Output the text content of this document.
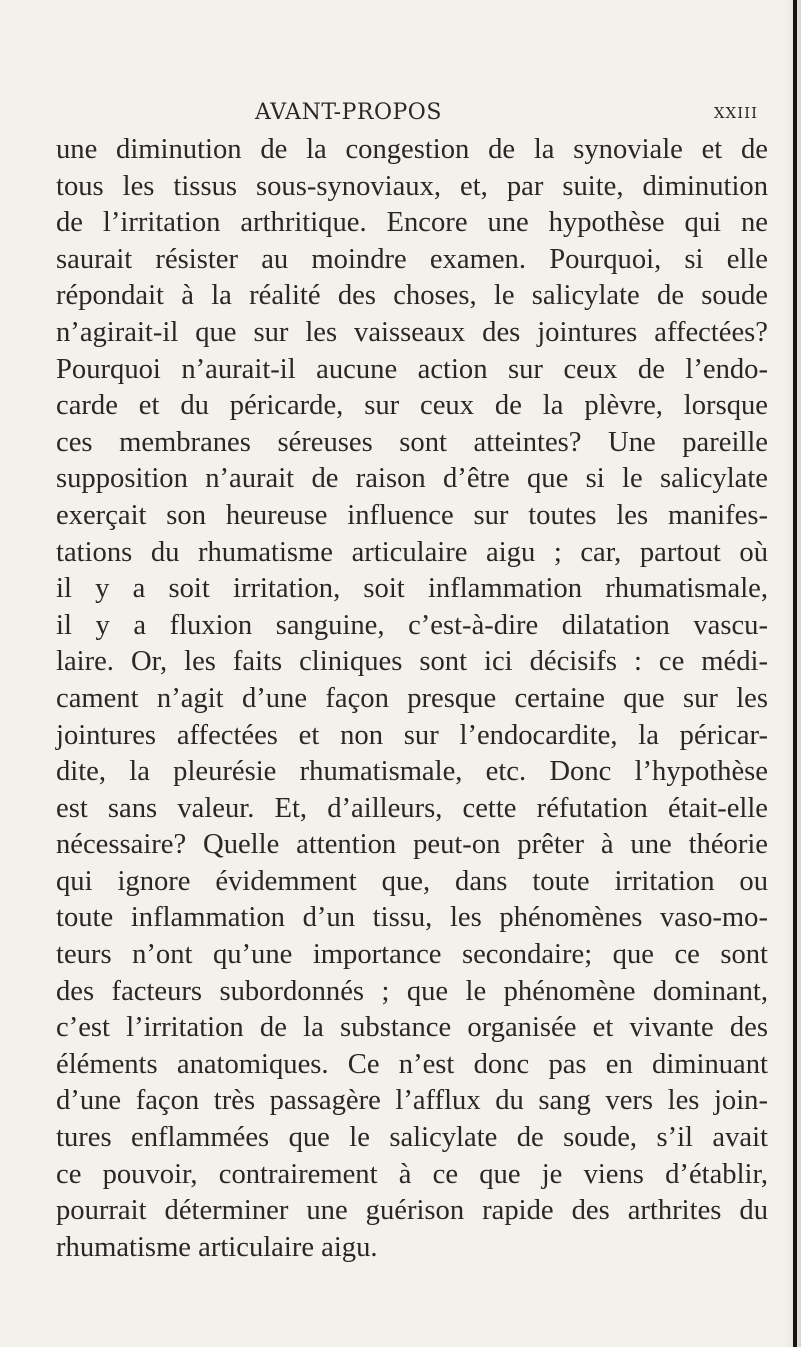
AVANT-PROPOS	XXIII
une diminution de la congestion de la synoviale et de
tous les tissus sous-synoviaux, et, par suite, diminution
de l’irritation arthritique. Encore une hypothèse qui ne
saurait résister au moindre examen. Pourquoi, si elle
répondait à la réalité des choses, le salicylate de soude
n’agirait-il que sur les vaisseaux des jointures affectées?
Pourquoi n’aurait-il aucune action sur ceux de l’endo-
carde et du péricarde, sur ceux de la plèvre, lorsque
ces membranes séreuses sont atteintes? Une pareille
supposition n’aurait de raison d’être que si le salicylate
exerçait son heureuse influence sur toutes les manifes-
tations du rhumatisme articulaire aigu ; car, partout où
il y a soit irritation, soit inflammation rhumatismale,
il y a fluxion sanguine, c’est-à-dire dilatation vascu-
laire. Or, les faits cliniques sont ici décisifs : ce médi-
cament n’agit d’une façon presque certaine que sur les
jointures affectées et non sur l’endocardite, la péricar-
dite, la pleurésie rhumatismale, etc. Donc l’hypothèse
est sans valeur. Et, d’ailleurs, cette réfutation était-elle
nécessaire? Quelle attention peut-on prêter à une théorie
qui ignore évidemment que, dans toute irritation ou
toute inflammation d’un tissu, les phénomènes vaso-mo-
teurs n’ont qu’une importance secondaire; que ce sont
des facteurs subordonnés ; que le phénomène dominant,
c’est l’irritation de la substance organisée et vivante des
éléments anatomiques. Ce n’est donc pas en diminuant
d’une façon très passagère l’afflux du sang vers les join-
tures enflammées que le salicylate de soude, s’il avait
ce pouvoir, contrairement à ce que je viens d’établir,
pourrait déterminer une guérison rapide des arthrites du
rhumatisme articulaire aigu.
